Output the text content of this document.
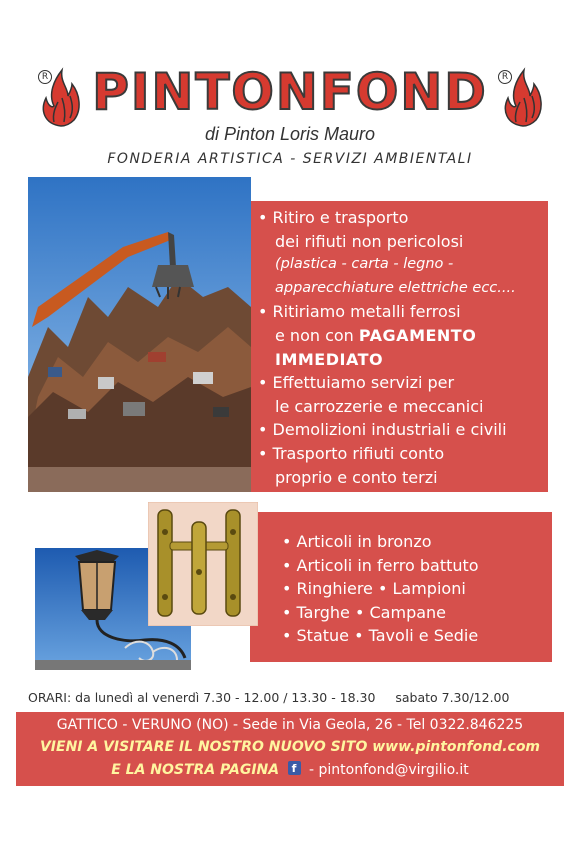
R PINTONFOND	R
di Pinton Loris Mauro
FONDERIA ARTISTICA - SERVIZI AMBIENTALI
• Ritiro e trasporto
dei rifiuti non pericolosi
(plastica - carta - legno -
apparecchiature elettriche ecc....
• Ritiriamo metalli ferrosi
e non con PAGAMENTO
IMMEDIATO
• Effettuiamo servizi per
le carrozzerie e meccanici
• Demolizioni industriali e civili
• Trasporto rifiuti conto
proprio e conto terzi
• Articoli in bronzo
• Articoli in ferro battuto
• Ringhiere • Lampioni
• Targhe • Campane
• Statue • Tavoli e Sedie
ORARI: da lunedì al venerdì 7.30 - 12.00 / 13.30 - 18.30 sabato 7.30/12.00
GATTICO - VERUNO (NO) - Sede in Via Geola, 26 - Tel 0322.846225
VIENI A VISITARE IL NOSTRO NUOVO SITO www.pintonfond.com
E LA NOSTRA PAGINA f - pintonfond@virgilio.it
